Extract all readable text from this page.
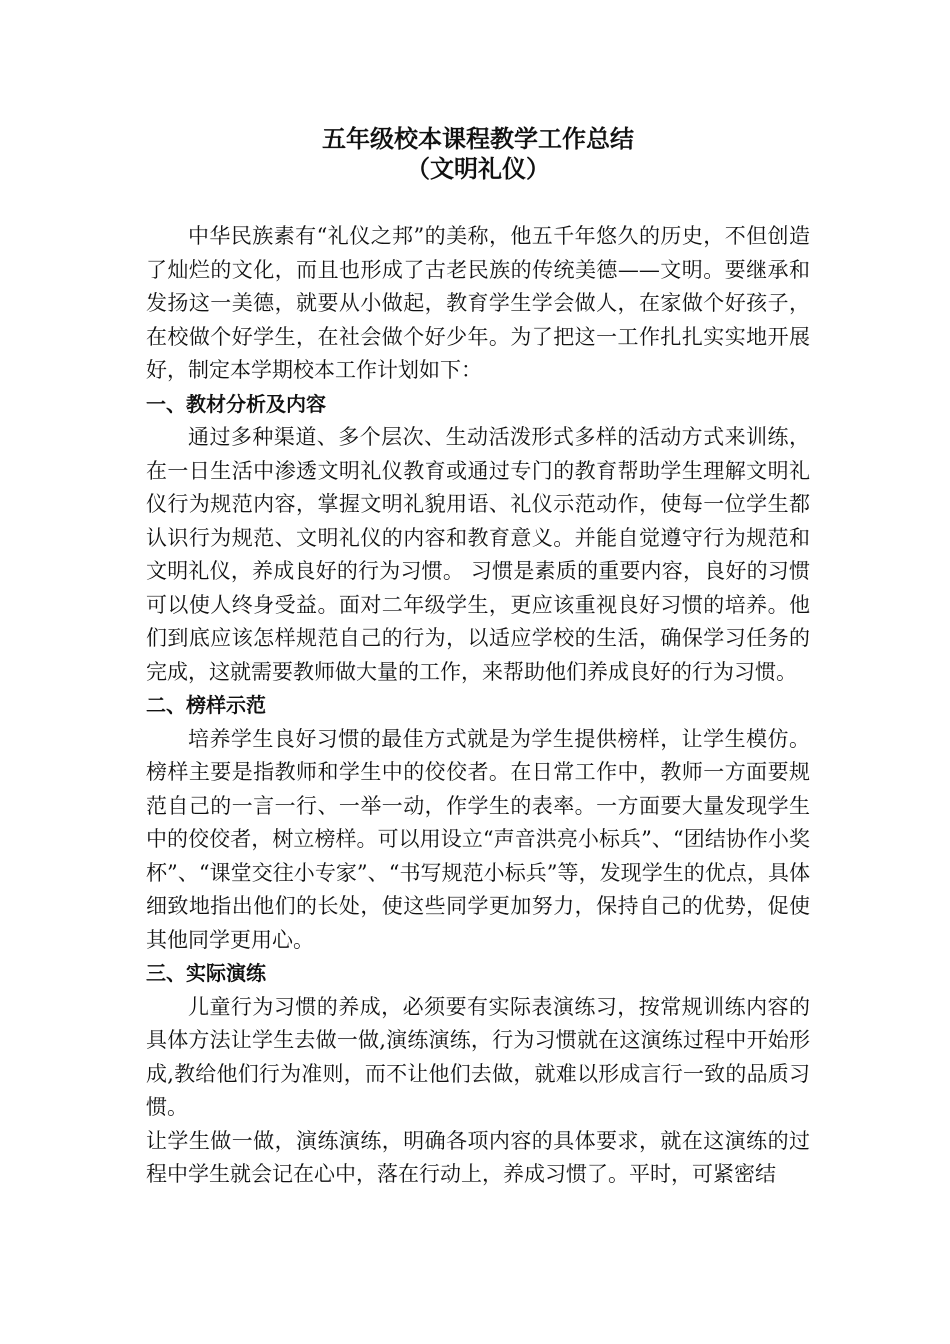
五年级校本课程教学工作总结
（文明礼仪）

中华民族素有“礼仪之邦”的美称，他五千年悠久的历史，不但创造了灿烂的文化，而且也形成了古老民族的传统美德——文明。要继承和发扬这一美德，就要从小做起，教育学生学会做人，在家做个好孩子，在校做个好学生，在社会做个好少年。为了把这一工作扎扎实实地开展好，制定本学期校本工作计划如下：

一、教材分析及内容

通过多种渠道、多个层次、生动活泼形式多样的活动方式来训练，在一日生活中渗透文明礼仪教育或通过专门的教育帮助学生理解文明礼仪行为规范内容，掌握文明礼貌用语、礼仪示范动作，使每一位学生都认识行为规范、文明礼仪的内容和教育意义。并能自觉遵守行为规范和文明礼仪，养成良好的行为习惯。 习惯是素质的重要内容，良好的习惯可以使人终身受益。面对二年级学生，更应该重视良好习惯的培养。他们到底应该怎样规范自己的行为，以适应学校的生活，确保学习任务的完成，这就需要教师做大量的工作，来帮助他们养成良好的行为习惯。

二、榜样示范

培养学生良好习惯的最佳方式就是为学生提供榜样，让学生模仿。榜样主要是指教师和学生中的佼佼者。在日常工作中，教师一方面要规范自己的一言一行、一举一动，作学生的表率。一方面要大量发现学生中的佼佼者，树立榜样。可以用设立“声音洪亮小标兵”、“团结协作小奖杯”、“课堂交往小专家”、“书写规范小标兵”等，发现学生的优点，具体细致地指出他们的长处，使这些同学更加努力，保持自己的优势，促使其他同学更用心。

三、实际演练

儿童行为习惯的养成，必须要有实际表演练习，按常规训练内容的具体方法让学生去做一做,演练演练，行为习惯就在这演练过程中开始形成,教给他们行为准则，而不让他们去做，就难以形成言行一致的品质习惯。

让学生做一做，演练演练，明确各项内容的具体要求，就在这演练的过程中学生就会记在心中，落在行动上，养成习惯了。平时，可紧密结
